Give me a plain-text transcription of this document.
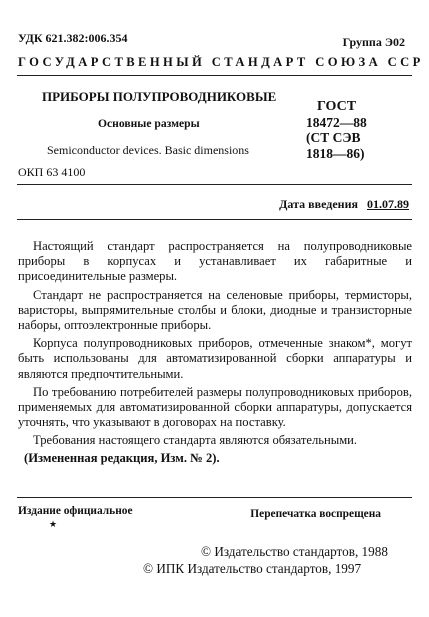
УДК 621.382:006.354	Группа Э02
ГОСУДАРСТВЕННЫЙ СТАНДАРТ СОЮЗА ССР
ПРИБОРЫ ПОЛУПРОВОДНИКОВЫЕ
Основные размеры
Semiconductor devices. Basic dimensions
ГОСТ
18472—88
(СТ СЭВ
1818—86)
ОКП 63 4100
Дата введения 01.07.89

Настоящий стандарт распространяется на полупроводниковые приборы в корпусах и устанавливает их габаритные и присоединительные размеры.

Стандарт не распространяется на селеновые приборы, термисторы, варисторы, выпрямительные столбы и блоки, диодные и транзисторные наборы, оптоэлектронные приборы.

Корпуса полупроводниковых приборов, отмеченные знаком*, могут быть использованы для автоматизированной сборки аппаратуры и являются предпочтительными.

По требованию потребителей размеры полупроводниковых приборов, применяемых для автоматизированной сборки аппаратуры, допускается уточнять, что указывают в договорах на поставку.

Требования настоящего стандарта являются обязательными.

(Измененная редакция, Изм. № 2).

Издание официальное
★
Перепечатка воспрещена
© Издательство стандартов, 1988
© ИПК Издательство стандартов, 1997
